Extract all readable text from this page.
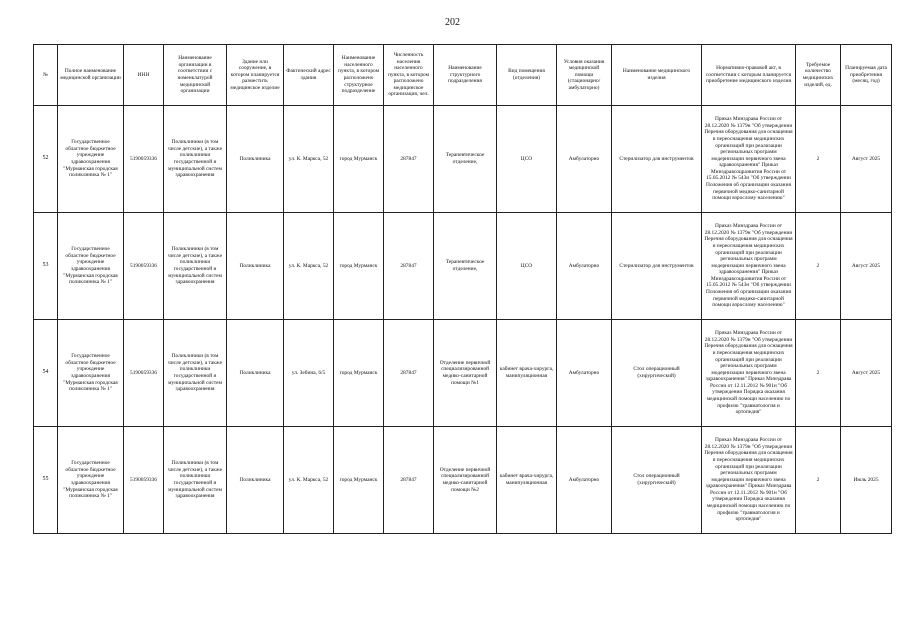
202
№	Полное наименование медицинской организации	ИНН	Наименование организации в соответствии с номенклатурой медицинской организации	Здание или сооружение, в котором планируется разместить медицинское изделие	Фактический адрес здания	Наименование населенного пункта, в котором расположено структурное подразделение	Численность населения населенного пункта, в котором расположено медицинское организация, чел.	Наименование структурного подразделения	Вид помещения (отделения)	Условия оказания медицинской помощи (стационарно/амбулаторно)	Наименование медицинского изделия	Нормативно-правовой акт, в соответствии с которым планируется приобретение медицинского изделия	Требуемое количество медицинских изделий, ед.	Планируемая дата приобретения (месяц, год)
52	Государственное областное бюджетное учреждение здравоохранения "Мурманская городская поликлиника № 1"	5190059336	Поликлиники (в том числе детские), а также поликлиники государственной и муниципальной систем здравоохранения	Поликлиника	ул. К. Маркса, 52	город Мурманск	287847	Терапевтическое отделение,	ЦСО	Амбулаторно	Стерилизатор для инструментов	Приказ Минздрава России от 28.12.2020 № 1379н "Об утверждении Перечня оборудования для оснащения и переоснащения медицинских организаций при реализации региональных программ модернизации первичного звена здравоохранения" Приказ Минздравсоцразвития России от 15.05.2012 № 543н "Об утверждении Положения об организации оказания первичной медико-санитарной помощи взрослому населению"	2	Август 2025
53	Государственное областное бюджетное учреждение здравоохранения "Мурманская городская поликлиника № 1"	5190059336	Поликлиники (в том числе детские), а также поликлиники государственной и муниципальной систем здравоохранения	Поликлиника	ул. К. Маркса, 52	город Мурманск	287847	Терапевтическое отделение,	ЦСО	Амбулаторно	Стерилизатор для инструментов	Приказ Минздрава России от 28.12.2020 № 1379н "Об утверждении Перечня оборудования для оснащения и переоснащения медицинских организаций при реализации региональных программ модернизации первичного звена здравоохранения" Приказ Минздравсоцразвития России от 15.05.2012 № 543н "Об утверждении Положения об организации оказания первичной медико-санитарной помощи взрослому населению"	2	Август 2025
54	Государственное областное бюджетное учреждение здравоохранения "Мурманская городская поликлиника № 1"	5190059336	Поликлиники (в том числе детские), а также поликлиники государственной и муниципальной систем здравоохранения	Поликлиника	ул. Зебина, 6/5	город Мурманск	287847	Отделение первичной специализированной медико-санитарной помощи №1	кабинет врача-хирурга, манипуляционная	Амбулаторно	Стол операционный (хирургический)	Приказ Минздрава России от 28.12.2020 № 1379н "Об утверждении Перечня оборудования для оснащения и переоснащения медицинских организаций при реализации региональных программ модернизации первичного звена здравоохранения" Приказ Минздрава России от 12.11.2012 № 901н "Об утверждении Порядка оказания медицинской помощи населению по профилю "травматология и ортопедия"	2	Август 2025
55	Государственное областное бюджетное учреждение здравоохранения "Мурманская городская поликлиника № 1"	5190059336	Поликлиники (в том числе детские), а также поликлиники государственной и муниципальной систем здравоохранения	Поликлиника	ул. К. Маркса, 52	город Мурманск	287847	Отделение первичной специализированной медико-санитарной помощи №2	кабинет врача-хирурга, манипуляционная	Амбулаторно	Стол операционный (хирургический)	Приказ Минздрава России от 28.12.2020 № 1379н "Об утверждении Перечня оборудования для оснащения и переоснащения медицинских организаций при реализации региональных программ модернизации первичного звена здравоохранения" Приказ Минздрава России от 12.11.2012 № 901н "Об утверждении Порядка оказания медицинской помощи населению по профилю "травматология и ортопедия"	2	Июль 2025
